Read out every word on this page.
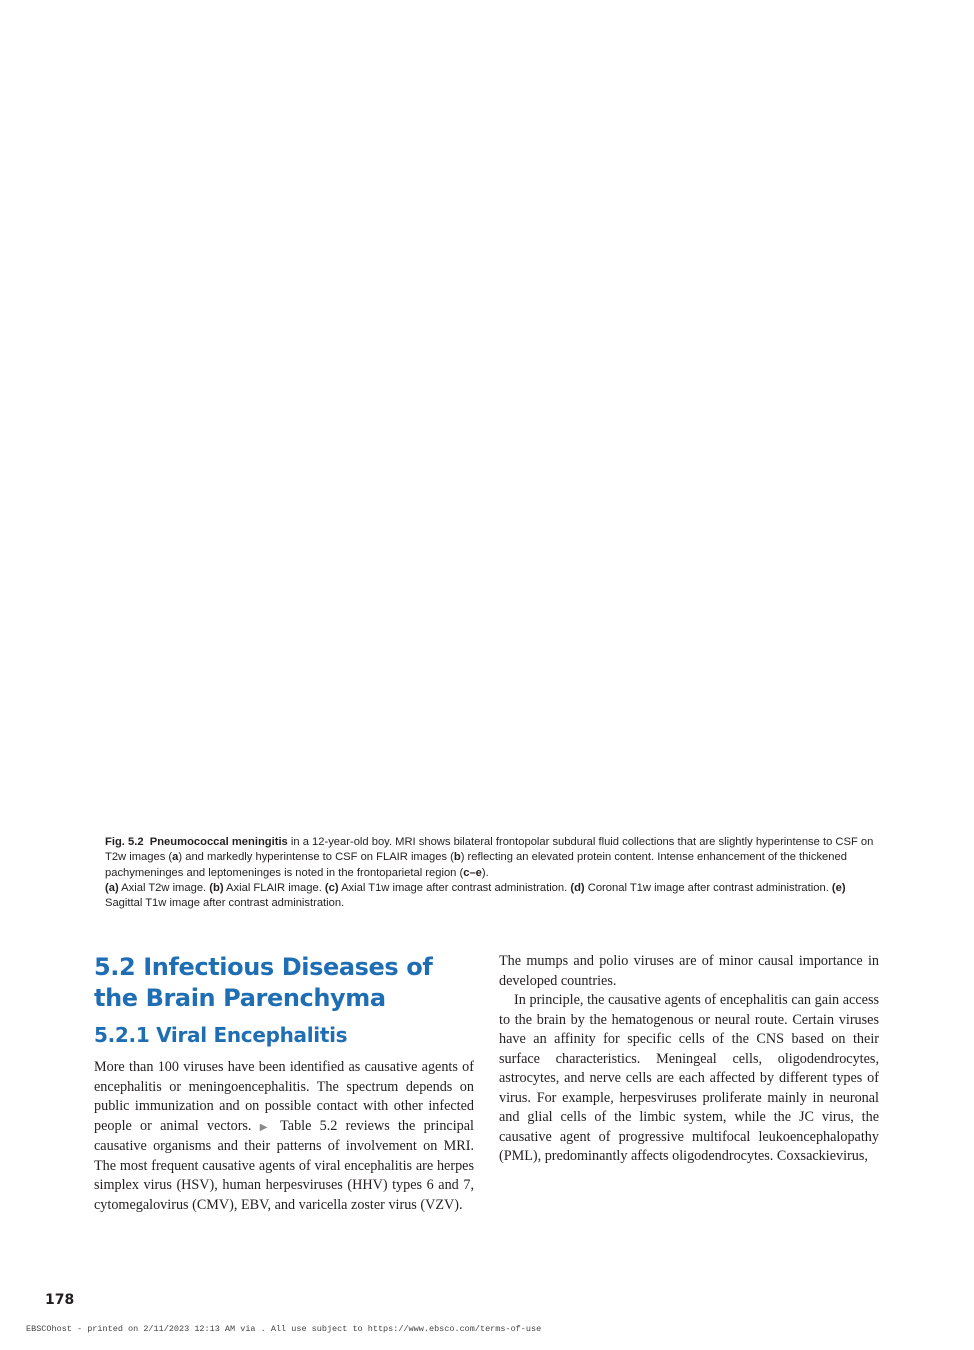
Fig. 5.2 Pneumococcal meningitis in a 12-year-old boy. MRI shows bilateral frontopolar subdural fluid collections that are slightly hyperintense to CSF on T2w images (a) and markedly hyperintense to CSF on FLAIR images (b) reflecting an elevated protein content. Intense enhancement of the thickened pachymeninges and leptomeninges is noted in the frontoparietal region (c–e).

(a) Axial T2w image. (b) Axial FLAIR image. (c) Axial T1w image after contrast administration. (d) Coronal T1w image after contrast administration. (e) Sagittal T1w image after contrast administration.

5.2 Infectious Diseases of the Brain Parenchyma
5.2.1 Viral Encephalitis

More than 100 viruses have been identified as causative agents of encephalitis or meningoencephalitis. The spectrum depends on public immunization and on possible contact with other infected people or animal vectors. ▶ Table 5.2 reviews the principal causative organisms and their patterns of involvement on MRI. The most frequent causative agents of viral encephalitis are herpes simplex virus (HSV), human herpesviruses (HHV) types 6 and 7, cytomegalovirus (CMV), EBV, and varicella zoster virus (VZV).

The mumps and polio viruses are of minor causal importance in developed countries.

In principle, the causative agents of encephalitis can gain access to the brain by the hematogenous or neural route. Certain viruses have an affinity for specific cells of the CNS based on their surface characteristics. Meningeal cells, oligodendrocytes, astrocytes, and nerve cells are each affected by different types of virus. For example, herpesviruses proliferate mainly in neuronal and glial cells of the limbic system, while the JC virus, the causative agent of progressive multifocal leukoencephalopathy (PML), predominantly affects oligodendrocytes. Coxsackievirus,

178
EBSCOhost - printed on 2/11/2023 12:13 AM via . All use subject to https://www.ebsco.com/terms-of-use
